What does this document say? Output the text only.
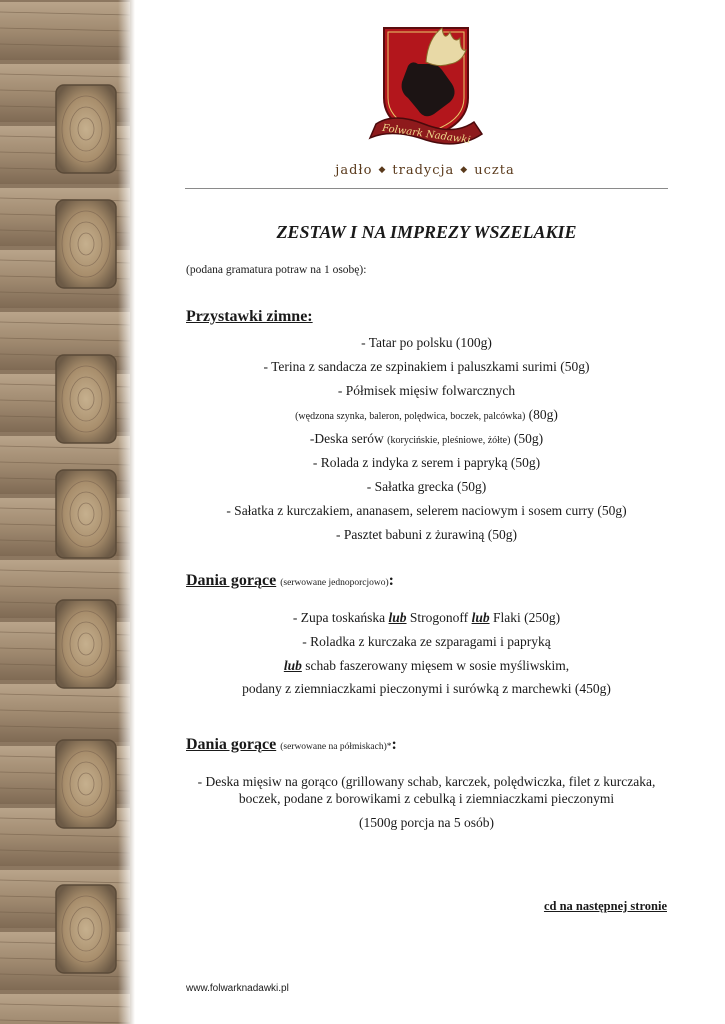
Folwark Nadawki
jadło ◆ tradycja ◆ uczta
ZESTAW I NA IMPREZY WSZELAKIE
(podana gramatura potraw na 1 osobę):
Przystawki zimne:
- Tatar po polsku (100g)
- Terina z sandacza ze szpinakiem i paluszkami surimi (50g)
- Półmisek mięsiw folwarcznych
(wędzona szynka, baleron, polędwica, boczek, palcówka) (80g)
-Deska serów (korycińskie, pleśniowe, żółte) (50g)
- Rolada z indyka z serem i papryką (50g)
- Sałatka grecka (50g)
- Sałatka z kurczakiem, ananasem, selerem naciowym i sosem curry (50g)
- Pasztet babuni z żurawiną (50g)
Dania gorące (serwowane jednoporcjowo):
- Zupa toskańska lub Strogonoff lub Flaki (250g)
- Roladka z kurczaka ze szparagami i papryką
lub schab faszerowany mięsem w sosie myśliwskim,
podany z ziemniaczkami pieczonymi i surówką z marchewki (450g)
Dania gorące (serwowane na półmiskach)*:
- Deska mięsiw na gorąco (grillowany schab, karczek, polędwiczka, filet z kurczaka,
boczek, podane z borowikami z cebulką i ziemniaczkami pieczonymi
(1500g porcja na 5 osób)
cd na następnej stronie
www.folwarknadawki.pl
